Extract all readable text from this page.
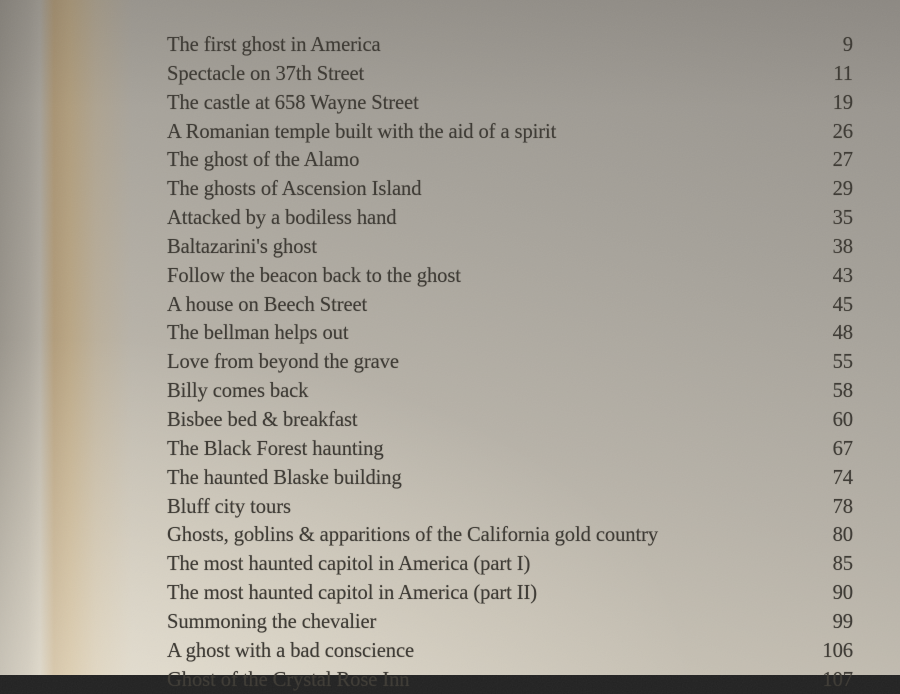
The first ghost in America	9
Spectacle on 37th Street	11
The castle at 658 Wayne Street	19
A Romanian temple built with the aid of a spirit	26
The ghost of the Alamo	27
The ghosts of Ascension Island	29
Attacked by a bodiless hand	35
Baltazarini's ghost	38
Follow the beacon back to the ghost	43
A house on Beech Street	45
The bellman helps out	48
Love from beyond the grave	55
Billy comes back	58
Bisbee bed & breakfast	60
The Black Forest haunting	67
The haunted Blaske building	74
Bluff city tours	78
Ghosts, goblins & apparitions of the California gold country	80
The most haunted capitol in America (part I)	85
The most haunted capitol in America (part II)	90
Summoning the chevalier	99
A ghost with a bad conscience	106
Ghost of the Crystal Rose Inn	107
